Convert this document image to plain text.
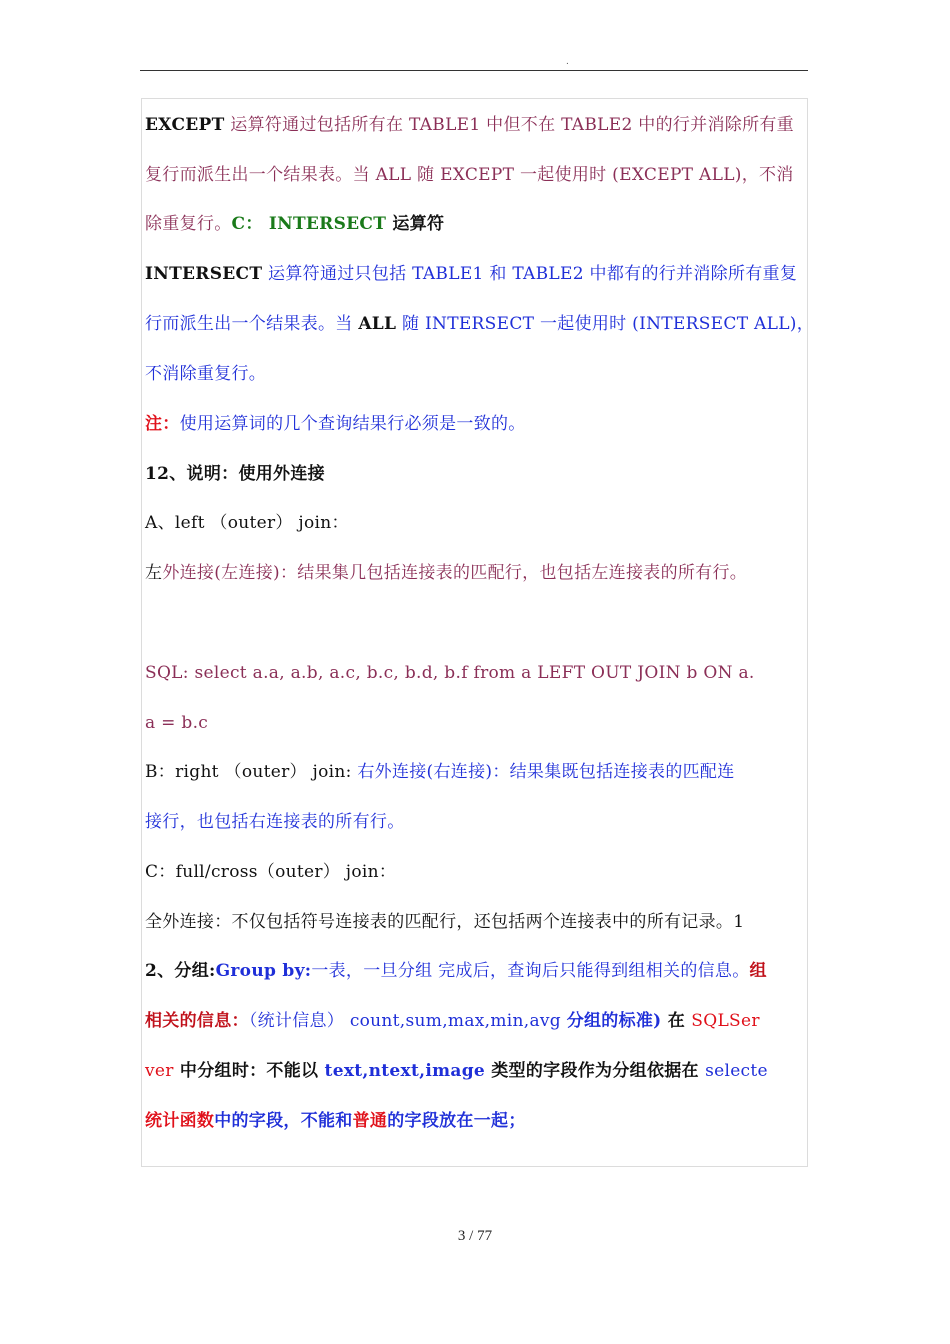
.
EXCEPT 运算符通过包括所有在 TABLE1 中但不在 TABLE2 中的行并消除所有重
复行而派生出一个结果表。当 ALL 随 EXCEPT 一起使用时 (EXCEPT ALL)，不消
除重复行。C： INTERSECT 运算符
INTERSECT 运算符通过只包括 TABLE1 和 TABLE2 中都有的行并消除所有重复
行而派生出一个结果表。当 ALL 随 INTERSECT 一起使用时 (INTERSECT ALL)，
不消除重复行。
注：使用运算词的几个查询结果行必须是一致的。
12、说明：使用外连接
A、left （outer） join：
左外连接(左连接)：结果集几包括连接表的匹配行，也包括左连接表的所有行。
SQL: select a.a, a.b, a.c, b.c, b.d, b.f from a LEFT OUT JOIN b ON a.
a = b.c
B：right （outer） join: 右外连接(右连接)：结果集既包括连接表的匹配连
接行，也包括右连接表的所有行。
C：full/cross（outer） join：
全外连接：不仅包括符号连接表的匹配行，还包括两个连接表中的所有记录。1
2、分组:Group by:一表，一旦分组 完成后，查询后只能得到组相关的信息。组
相关的信息：（统计信息） count,sum,max,min,avg 分组的标准) 在 SQLSer
ver 中分组时：不能以 text,ntext,image 类型的字段作为分组依据在 selecte
统计函数中的字段，不能和普通的字段放在一起；
3 / 77
